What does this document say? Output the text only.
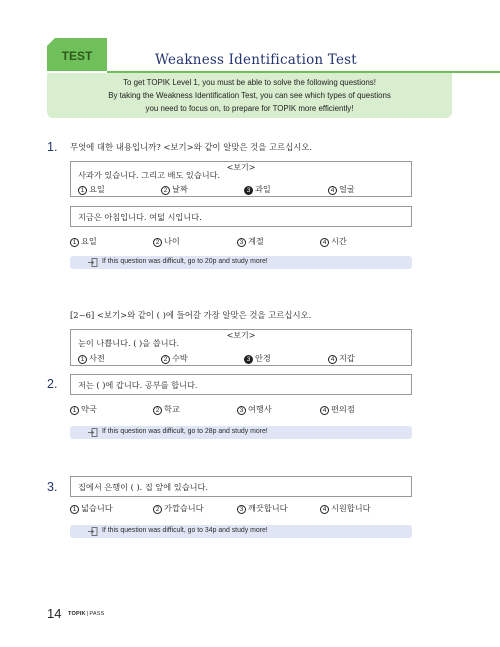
TEST	Weakness Identification Test
To get TOPIK Level 1, you must be able to solve the following questions!
By taking the Weakness Identification Test, you can see which types of questions
you need to focus on, to prepare for TOPIK more efficiently!
1. 무엇에 대한 내용입니까? <보기>와 같이 알맞은 것을 고르십시오.
<보기>
사과가 있습니다. 그리고 배도 있습니다.
1 요일	2 날짜	3 과일	4 얼굴
지금은 아침입니다. 여덟 시입니다.
1 요일	2 나이	3 계절	4 시간
If this question was difficult, go to 20p and study more!
[2~6] <보기>와 같이 ( )에 들어갈 가장 알맞은 것을 고르십시오.
<보기>
눈이 나쁩니다. ( )을 씁니다.
1 사전	2 수박	3 안경	4 지갑
2.	저는 ( )에 갑니다. 공부를 합니다.
1 약국	2 학교	3 여행사	4 편의점
If this question was difficult, go to 28p and study more!
3.	집에서 은행이 ( ). 집 앞에 있습니다.
1 넓습니다	2 가깝습니다	3 깨끗합니다	4 시원합니다
If this question was difficult, go to 34p and study more!
14 TOPIK|PASS
